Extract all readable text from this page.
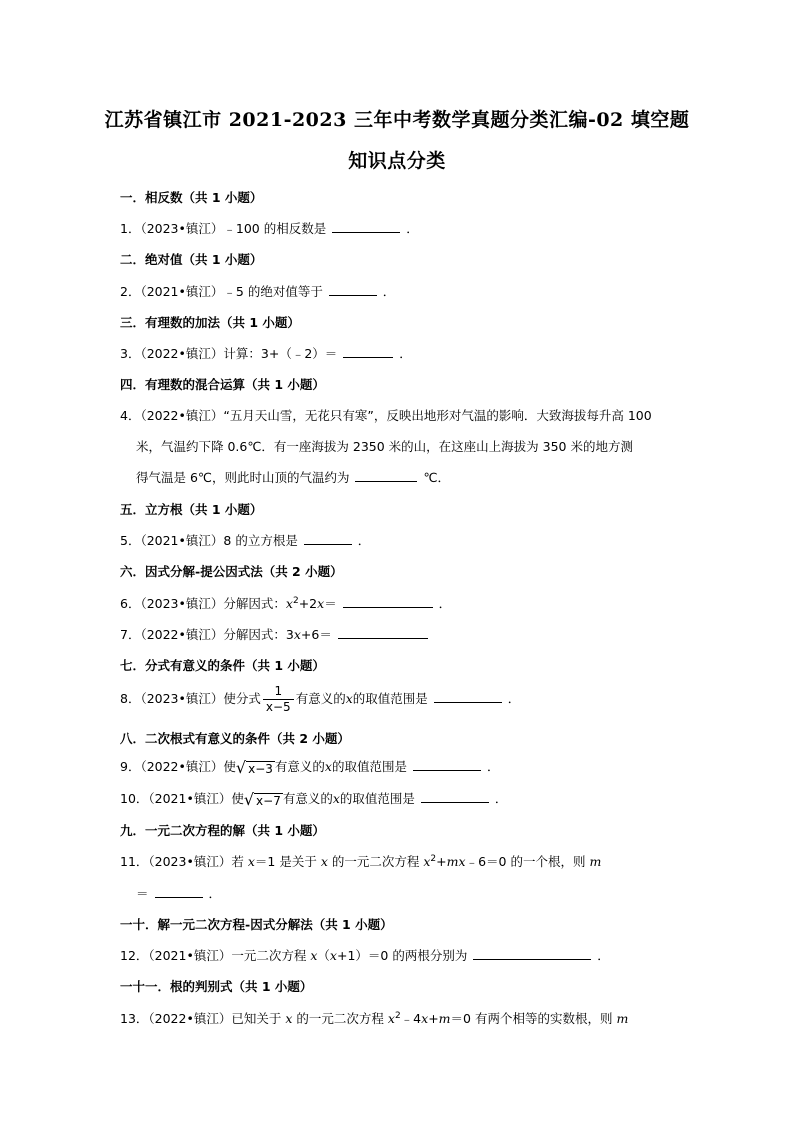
江苏省镇江市 2021-2023 三年中考数学真题分类汇编-02 填空题
知识点分类
一．相反数（共 1 小题）
1．（2023•镇江）﹣100 的相反数是	．
二．绝对值（共 1 小题）
2．（2021•镇江）﹣5 的绝对值等于	．
三．有理数的加法（共 1 小题）
3．（2022•镇江）计算：3+（﹣2）＝	．
四．有理数的混合运算（共 1 小题）
4．（2022•镇江）“五月天山雪，无花只有寒”，反映出地形对气温的影响．大致海拔每升高 100
米，气温约下降 0.6℃．有一座海拔为 2350 米的山，在这座山上海拔为 350 米的地方测
得气温是 6℃，则此时山顶的气温约为	℃．
五．立方根（共 1 小题）
5．（2021•镇江）8 的立方根是	．
六．因式分解-提公因式法（共 2 小题）
6．（2023•镇江）分解因式：$x^2+2x=$	．
7．（2022•镇江）分解因式：3x+6＝
七．分式有意义的条件（共 1 小题）
8．（2023•镇江）使分式 $\frac{1}{x-5}$ 有意义的x的取值范围是	．
八．二次根式有意义的条件（共 2 小题）
9．（2022•镇江）使√ x−3 有意义的x的取值范围是	．
10．（2021•镇江）使√ x−7 有意义的x的取值范围是	．
九．一元二次方程的解（共 1 小题）
11．（2023•镇江）若 x＝1 是关于 x 的一元二次方程 $x^2+mx﹣6=0$ 的一个根，则 m
＝	．
一十．解一元二次方程-因式分解法（共 1 小题）
12．（2021•镇江）一元二次方程 x（x+1）＝0 的两根分别为	．
一十一．根的判别式（共 1 小题）
13．（2022•镇江）已知关于 x 的一元二次方程 $x^2﹣4x+m=0$ 有两个相等的实数根，则 m
